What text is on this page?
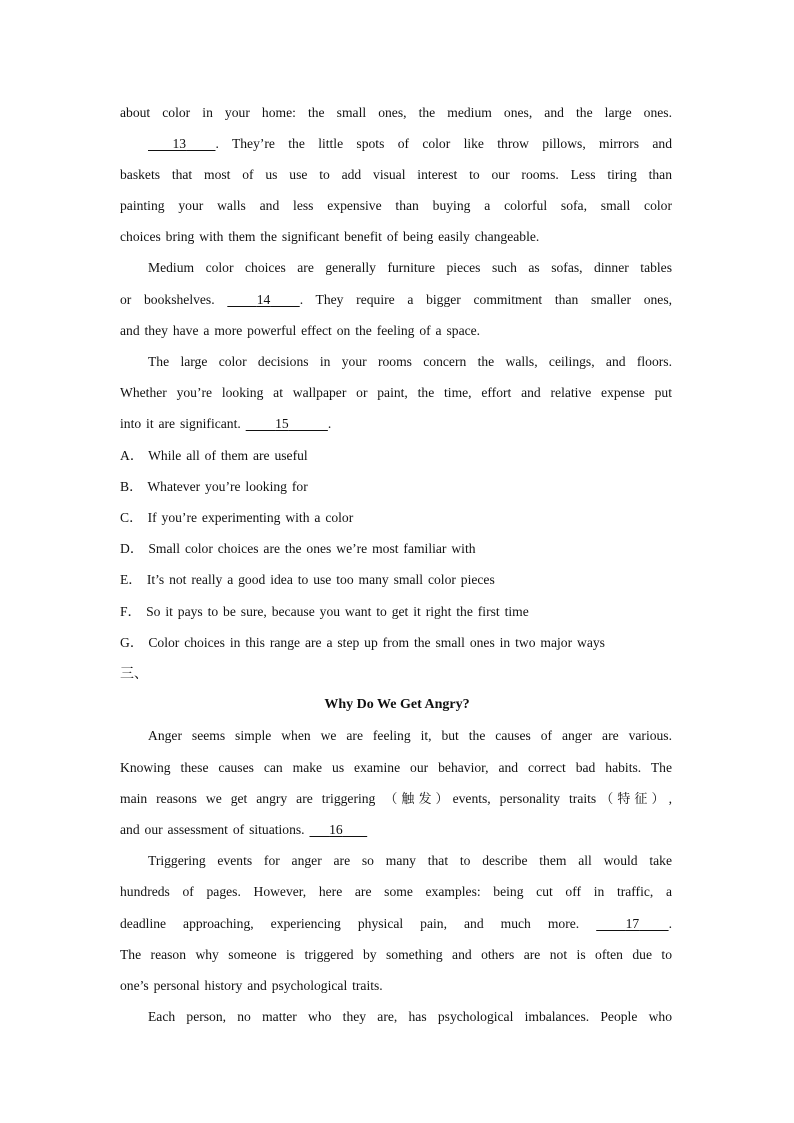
about color in your home: the small ones, the medium ones, and the large ones.
13 . They’re the little spots of color like throw pillows, mirrors and
baskets that most of us use to add visual interest to our rooms. Less tiring than
painting your walls and less expensive than buying a colorful sofa, small color
choices bring with them the significant benefit of being easily changeable.
Medium color choices are generally furniture pieces such as sofas, dinner tables
or bookshelves.	14 . They require a bigger commitment than smaller ones,
and they have a more powerful effect on the feeling of a space.
The large color decisions in your rooms concern the walls, ceilings, and floors.
Whether you’re looking at wallpaper or paint, the time, effort and relative expense put
into it are significant.	15	.
A． While all of them are useful
B． Whatever you’re looking for
C． If you’re experimenting with a color
D． Small color choices are the ones we’re most familiar with
E． It’s not really a good idea to use too many small color pieces
F． So it pays to be sure, because you want to get it right the first time
G． Color choices in this range are a step up from the small ones in two major ways
三、
Why Do We Get Angry?
Anger seems simple when we are feeling it, but the causes of anger are various.
Knowing these causes can make us examine our behavior, and correct bad habits. The
main reasons we get angry are triggering （触发）events, personality traits（特征）,
and our assessment of situations. 16
Triggering events for anger are so many that to describe them all would take
hundreds of pages. However, here are some examples: being cut off in traffic, a
deadline approaching, experiencing physical pain, and much more.	17 .
The reason why someone is triggered by something and others are not is often due to
one’s personal history and psychological traits.
Each person, no matter who they are, has psychological imbalances. People who
